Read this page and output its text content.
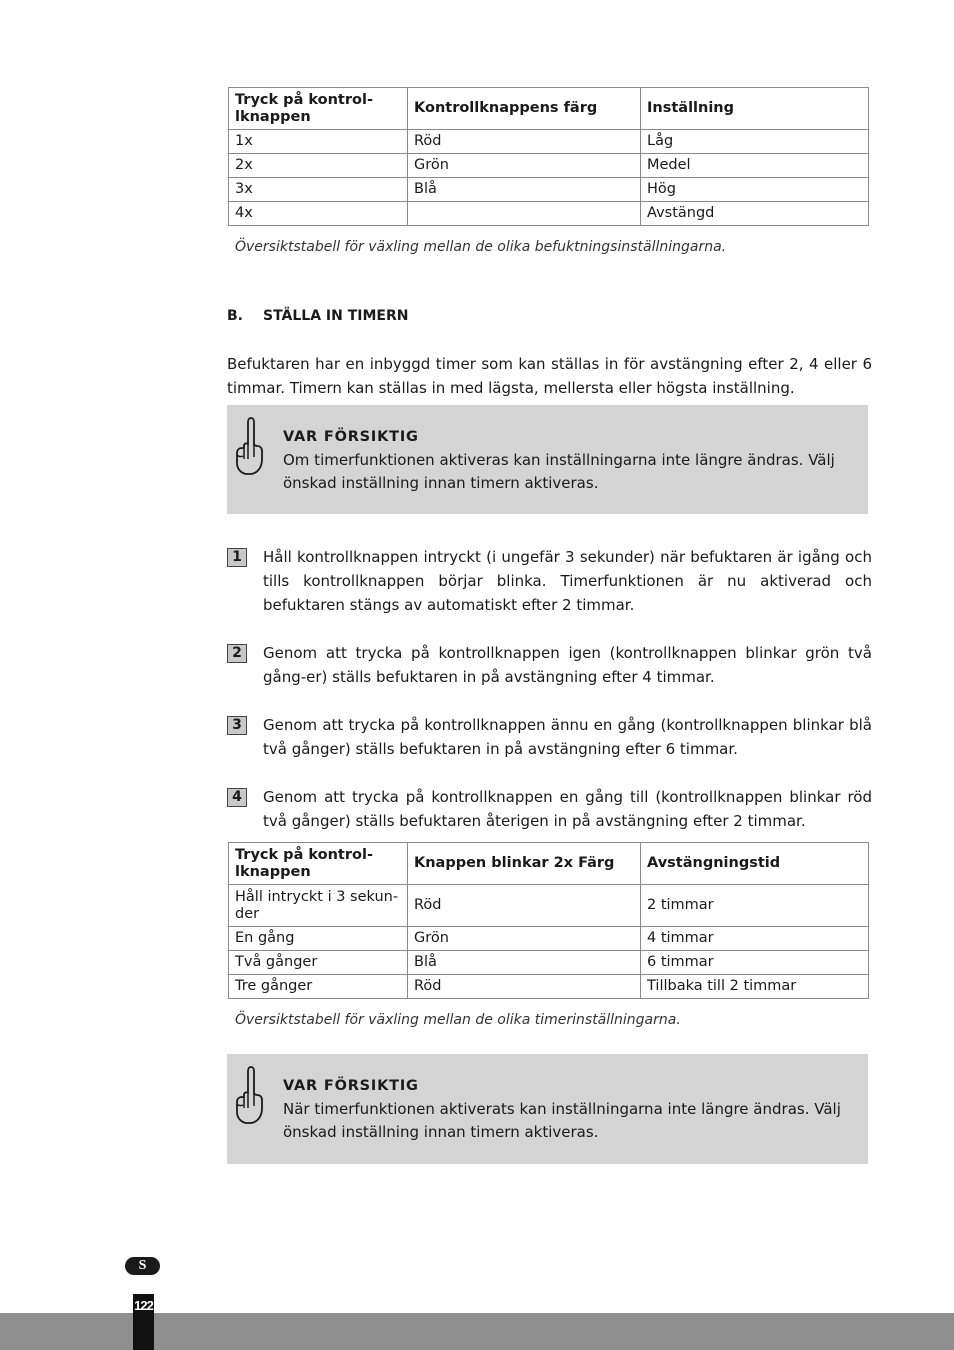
Tryck på kontrol-lknappen	Kontrollknappens färg	Inställning
1x	Röd	Låg
2x	Grön	Medel
3x	Blå	Hög
4x		Avstängd
Översiktstabell för växling mellan de olika befuktningsinställningarna.
B. STÄLLA IN TIMERN
Befuktaren har en inbyggd timer som kan ställas in för avstängning efter 2, 4 eller 6 timmar. Timern kan ställas in med lägsta, mellersta eller högsta inställning.
VAR FÖRSIKTIG
Om timerfunktionen aktiveras kan inställningarna inte längre ändras. Välj önskad inställning innan timern aktiveras.
1	Håll kontrollknappen intryckt (i ungefär 3 sekunder) när befuktaren är igång och tills kontrollknappen börjar blinka. Timerfunktionen är nu aktiverad och befuktaren stängs av automatiskt efter 2 timmar.
2	Genom att trycka på kontrollknappen igen (kontrollknappen blinkar grön två gång-er) ställs befuktaren in på avstängning efter 4 timmar.
3	Genom att trycka på kontrollknappen ännu en gång (kontrollknappen blinkar blå två gånger) ställs befuktaren in på avstängning efter 6 timmar.
4	Genom att trycka på kontrollknappen en gång till (kontrollknappen blinkar röd två gånger) ställs befuktaren återigen in på avstängning efter 2 timmar.
Tryck på kontrol-lknappen	Knappen blinkar 2x Färg	Avstängningstid
Håll intryckt i 3 sekun-der	Röd	2 timmar
En gång	Grön	4 timmar
Två gånger	Blå	6 timmar
Tre gånger	Röd	Tillbaka till 2 timmar
Översiktstabell för växling mellan de olika timerinställningarna.
VAR FÖRSIKTIG
När timerfunktionen aktiverats kan inställningarna inte längre ändras. Välj önskad inställning innan timern aktiveras.
S
122
